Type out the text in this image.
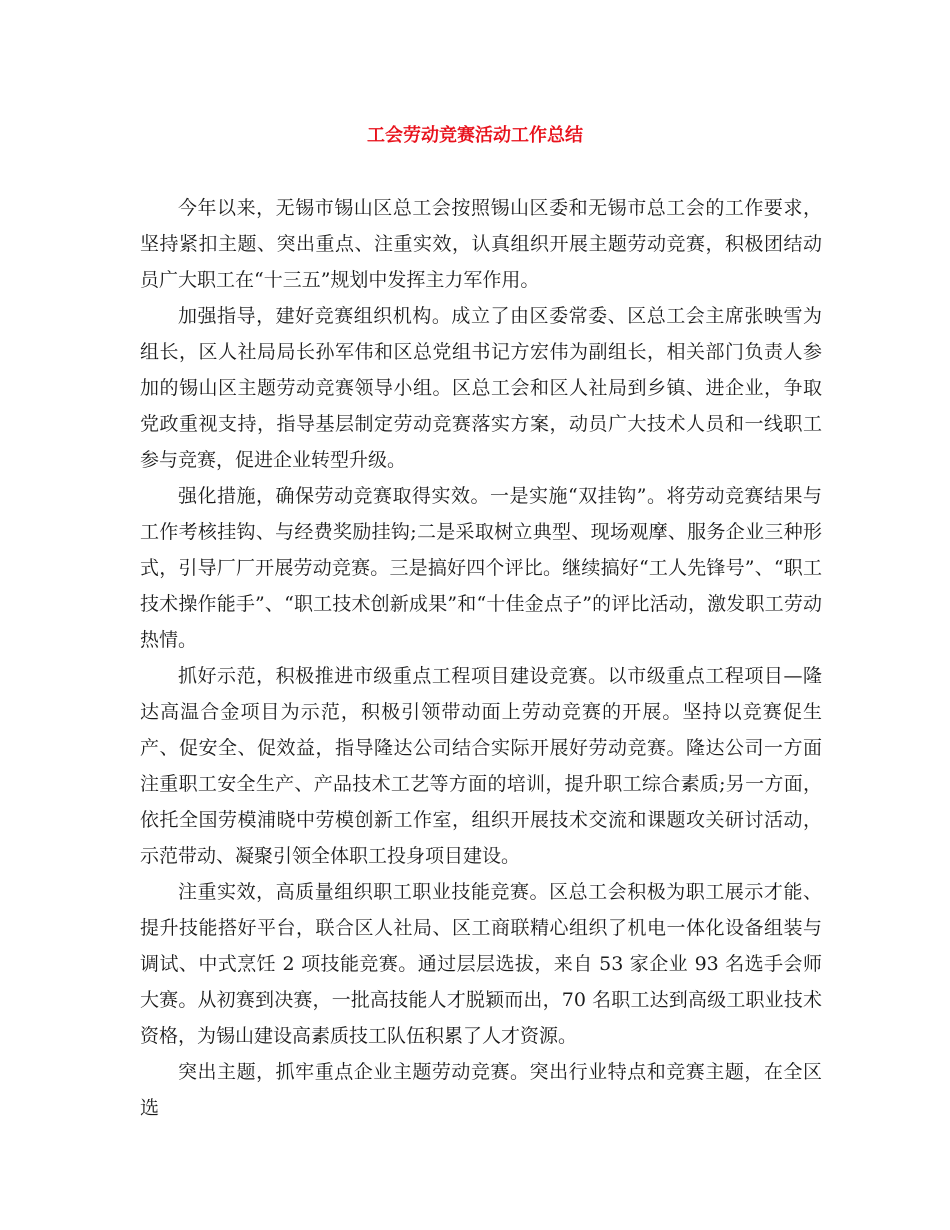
工会劳动竞赛活动工作总结

今年以来，无锡市锡山区总工会按照锡山区委和无锡市总工会的工作要求，坚持紧扣主题、突出重点、注重实效，认真组织开展主题劳动竞赛，积极团结动员广大职工在“十三五”规划中发挥主力军作用。

加强指导，建好竞赛组织机构。成立了由区委常委、区总工会主席张映雪为组长，区人社局局长孙军伟和区总党组书记方宏伟为副组长，相关部门负责人参加的锡山区主题劳动竞赛领导小组。区总工会和区人社局到乡镇、进企业，争取党政重视支持，指导基层制定劳动竞赛落实方案，动员广大技术人员和一线职工参与竞赛，促进企业转型升级。

强化措施，确保劳动竞赛取得实效。一是实施“双挂钩”。将劳动竞赛结果与工作考核挂钩、与经费奖励挂钩;二是采取树立典型、现场观摩、服务企业三种形式，引导厂厂开展劳动竞赛。三是搞好四个评比。继续搞好“工人先锋号”、“职工技术操作能手”、“职工技术创新成果”和“十佳金点子”的评比活动，激发职工劳动热情。

抓好示范，积极推进市级重点工程项目建设竞赛。以市级重点工程项目—隆达高温合金项目为示范，积极引领带动面上劳动竞赛的开展。坚持以竞赛促生产、促安全、促效益，指导隆达公司结合实际开展好劳动竞赛。隆达公司一方面注重职工安全生产、产品技术工艺等方面的培训，提升职工综合素质;另一方面，依托全国劳模浦晓中劳模创新工作室，组织开展技术交流和课题攻关研讨活动，示范带动、凝聚引领全体职工投身项目建设。

注重实效，高质量组织职工职业技能竞赛。区总工会积极为职工展示才能、提升技能搭好平台，联合区人社局、区工商联精心组织了机电一体化设备组装与调试、中式烹饪 2 项技能竞赛。通过层层选拔，来自 53 家企业 93 名选手会师大赛。从初赛到决赛，一批高技能人才脱颖而出，70 名职工达到高级工职业技术资格，为锡山建设高素质技工队伍积累了人才资源。

突出主题，抓牢重点企业主题劳动竞赛。突出行业特点和竞赛主题，在全区选
